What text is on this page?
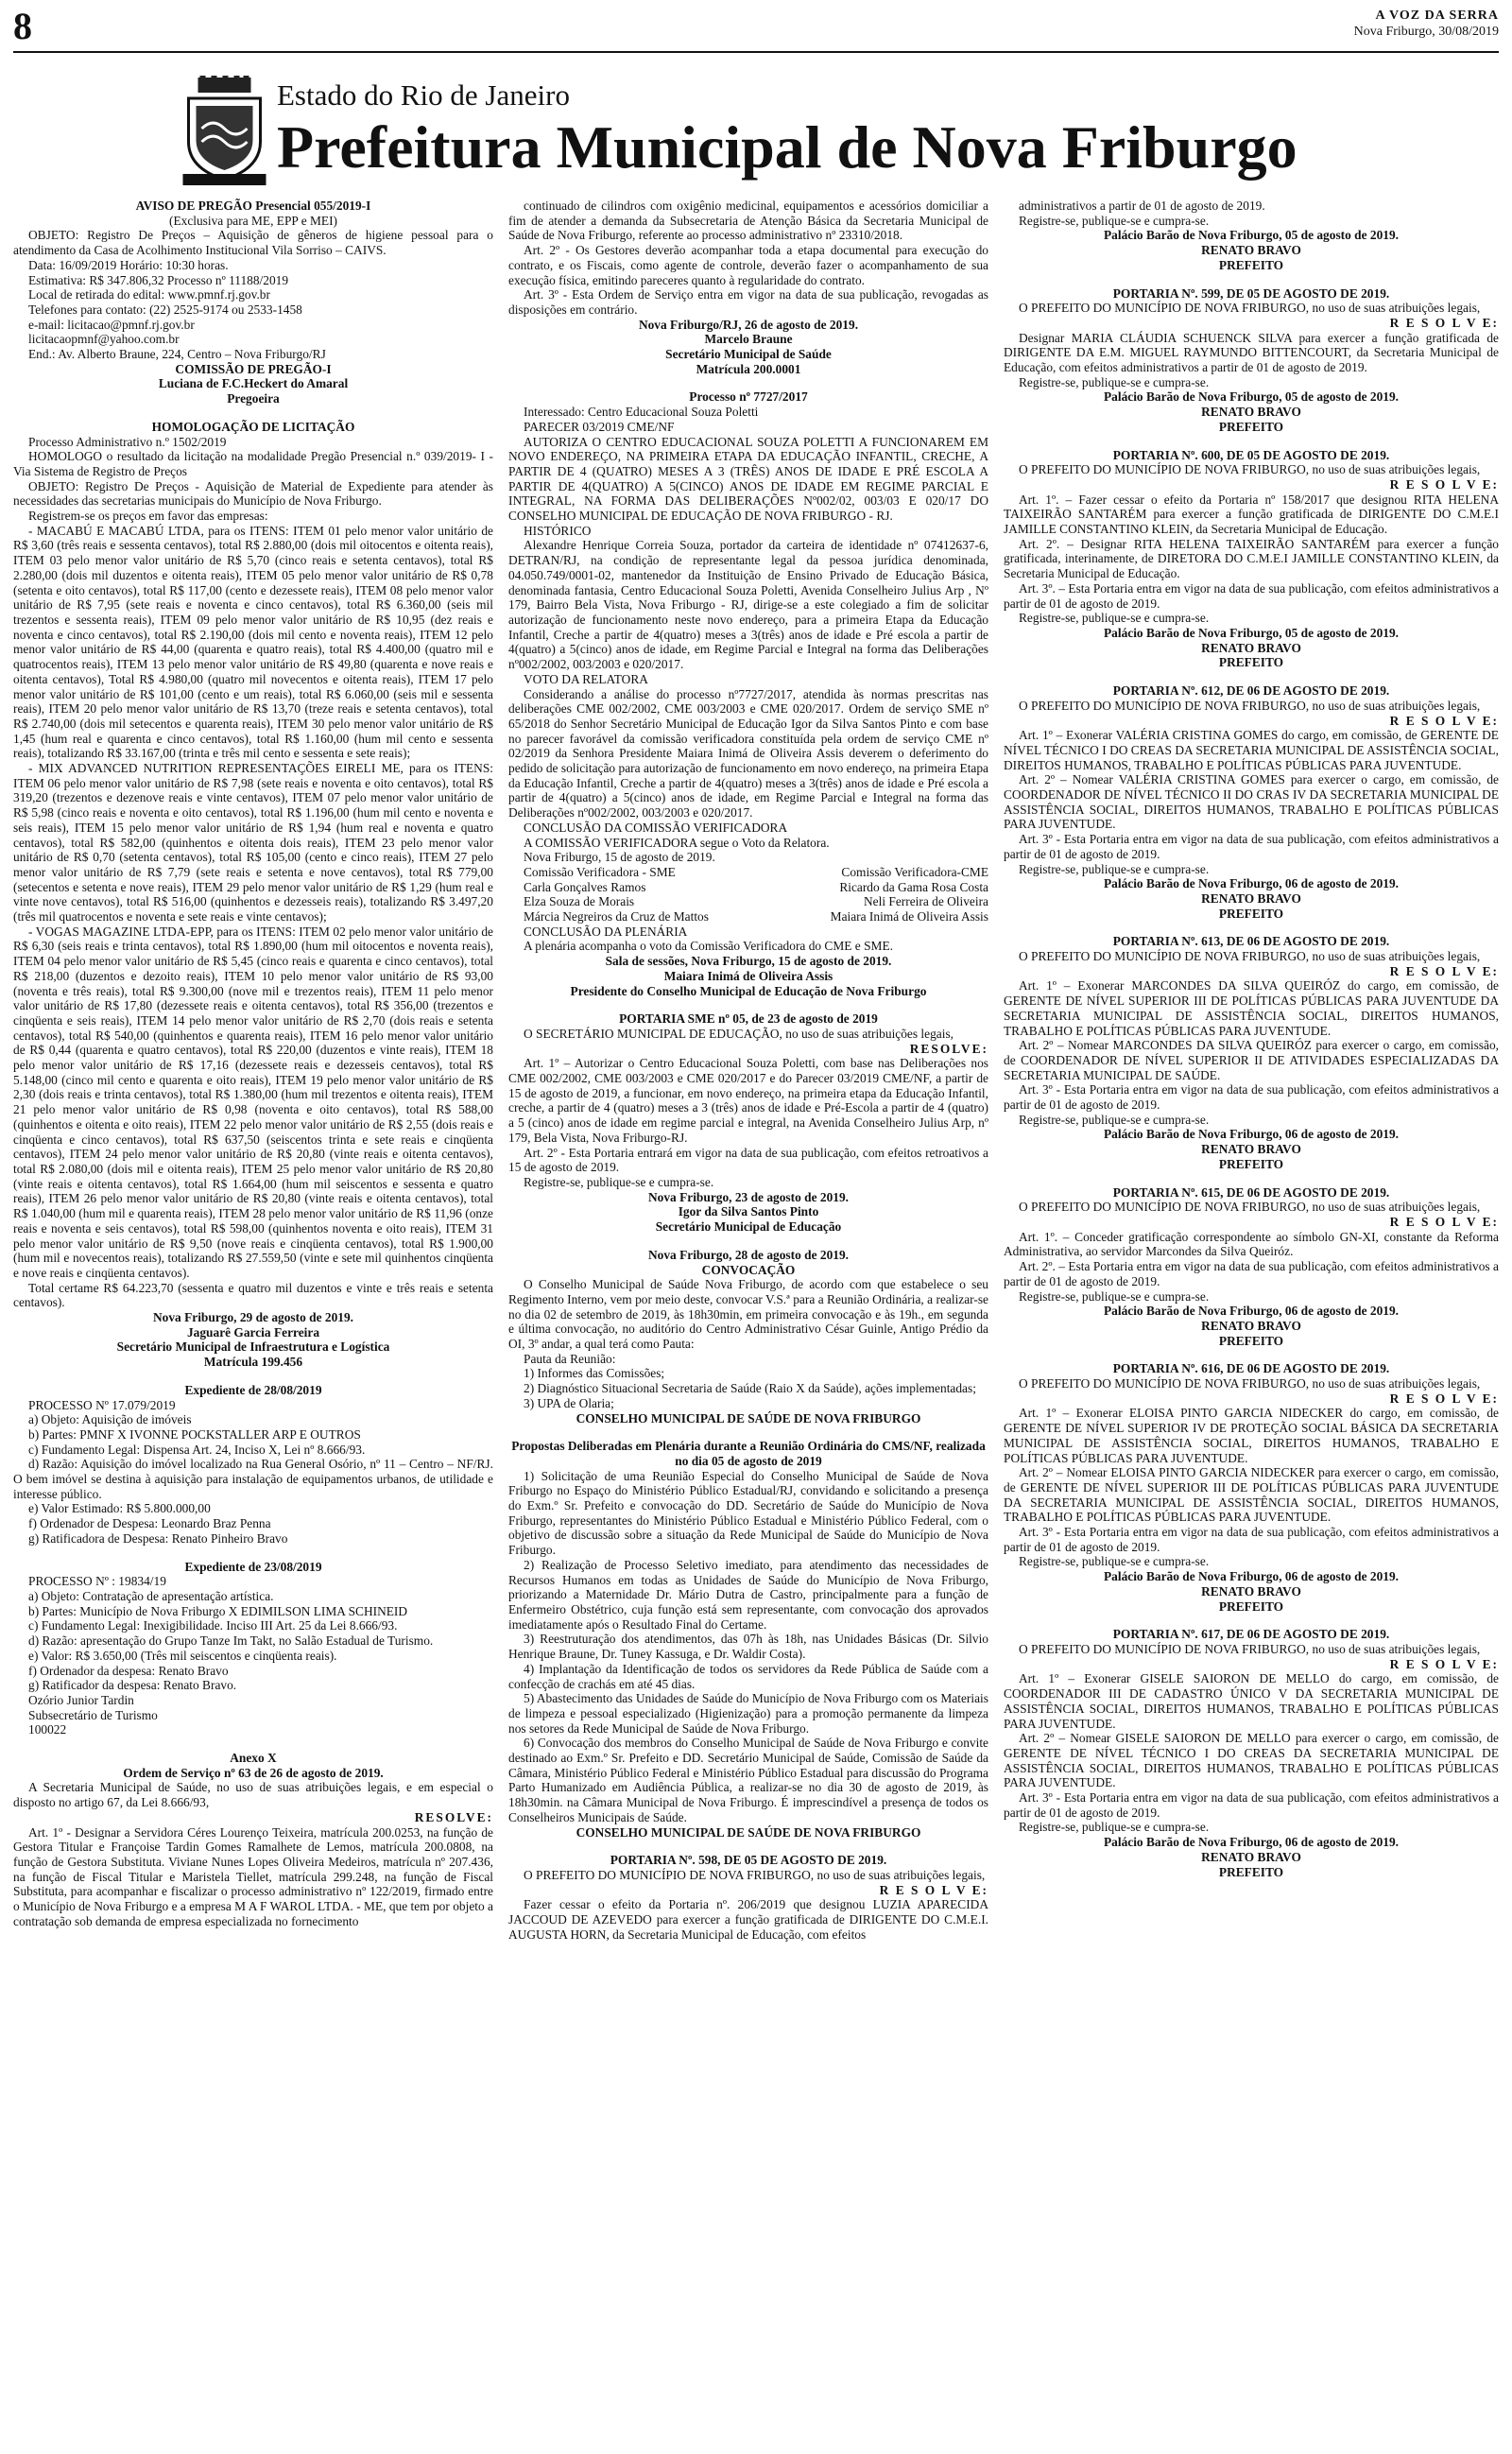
8	A VOZ DA SERRA
Nova Friburgo, 30/08/2019
Estado do Rio de Janeiro
Prefeitura Municipal de Nova Friburgo

AVISO DE PREGÃO Presencial 055/2019-I

(Exclusiva para ME, EPP e MEI)

OBJETO: Registro De Preços – Aquisição de gêneros de higiene pessoal para o atendimento da Casa de Acolhimento Institucional Vila Sorriso – CAIVS.

Data: 16/09/2019 Horário: 10:30 horas.

Estimativa: R$ 347.806,32 Processo nº 11188/2019

Local de retirada do edital: www.pmnf.rj.gov.br

Telefones para contato: (22) 2525-9174 ou 2533-1458

e-mail: licitacao@pmnf.rj.gov.br

licitacaopmnf@yahoo.com.br

End.: Av. Alberto Braune, 224, Centro – Nova Friburgo/RJ

COMISSÃO DE PREGÃO-I

Luciana de F.C.Heckert do Amaral

Pregoeira

HOMOLOGAÇÃO DE LICITAÇÃO

Processo Administrativo n.º 1502/2019

HOMOLOGO o resultado da licitação na modalidade Pregão Presencial n.º 039/2019- I - Via Sistema de Registro de Preços

OBJETO: Registro De Preços - Aquisição de Material de Expediente para atender às necessidades das secretarias municipais do Município de Nova Friburgo.

Registrem-se os preços em favor das empresas:

- MACABÚ E MACABÚ LTDA, para os ITENS: ITEM 01 pelo menor valor unitário de R$ 3,60 (três reais e sessenta centavos), total R$ 2.880,00 (dois mil oitocentos e oitenta reais), ITEM 03 pelo menor valor unitário de R$ 5,70 (cinco reais e setenta centavos), total R$ 2.280,00 (dois mil duzentos e oitenta reais), ITEM 05 pelo menor valor unitário de R$ 0,78 (setenta e oito centavos), total R$ 117,00 (cento e dezessete reais), ITEM 08 pelo menor valor unitário de R$ 7,95 (sete reais e noventa e cinco centavos), total R$ 6.360,00 (seis mil trezentos e sessenta reais), ITEM 09 pelo menor valor unitário de R$ 10,95 (dez reais e noventa e cinco centavos), total R$ 2.190,00 (dois mil cento e noventa reais), ITEM 12 pelo menor valor unitário de R$ 44,00 (quarenta e quatro reais), total R$ 4.400,00 (quatro mil e quatrocentos reais), ITEM 13 pelo menor valor unitário de R$ 49,80 (quarenta e nove reais e oitenta centavos), Total R$ 4.980,00 (quatro mil novecentos e oitenta reais), ITEM 17 pelo menor valor unitário de R$ 101,00 (cento e um reais), total R$ 6.060,00 (seis mil e sessenta reais), ITEM 20 pelo menor valor unitário de R$ 13,70 (treze reais e setenta centavos), total R$ 2.740,00 (dois mil setecentos e quarenta reais), ITEM 30 pelo menor valor unitário de R$ 1,45 (hum real e quarenta e cinco centavos), total R$ 1.160,00 (hum mil cento e sessenta reais), totalizando R$ 33.167,00 (trinta e três mil cento e sessenta e sete reais);

- MIX ADVANCED NUTRITION REPRESENTAÇÕES EIRELI ME, para os ITENS: ITEM 06 pelo menor valor unitário de R$ 7,98 (sete reais e noventa e oito centavos), total R$ 319,20 (trezentos e dezenove reais e vinte centavos), ITEM 07 pelo menor valor unitário de R$ 5,98 (cinco reais e noventa e oito centavos), total R$ 1.196,00 (hum mil cento e noventa e seis reais), ITEM 15 pelo menor valor unitário de R$ 1,94 (hum real e noventa e quatro centavos), total R$ 582,00 (quinhentos e oitenta dois reais), ITEM 23 pelo menor valor unitário de R$ 0,70 (setenta centavos), total R$ 105,00 (cento e cinco reais), ITEM 27 pelo menor valor unitário de R$ 7,79 (sete reais e setenta e nove centavos), total R$ 779,00 (setecentos e setenta e nove reais), ITEM 29 pelo menor valor unitário de R$ 1,29 (hum real e vinte nove centavos), total R$ 516,00 (quinhentos e dezesseis reais), totalizando R$ 3.497,20 (três mil quatrocentos e noventa e sete reais e vinte centavos);

- VOGAS MAGAZINE LTDA-EPP, para os ITENS: ITEM 02 pelo menor valor unitário de R$ 6,30 (seis reais e trinta centavos), total R$ 1.890,00 (hum mil oitocentos e noventa reais), ITEM 04 pelo menor valor unitário de R$ 5,45 (cinco reais e quarenta e cinco centavos), total R$ 218,00 (duzentos e dezoito reais), ITEM 10 pelo menor valor unitário de R$ 93,00 (noventa e três reais), total R$ 9.300,00 (nove mil e trezentos reais), ITEM 11 pelo menor valor unitário de R$ 17,80 (dezessete reais e oitenta centavos), total R$ 356,00 (trezentos e cinqüenta e seis reais), ITEM 14 pelo menor valor unitário de R$ 2,70 (dois reais e setenta centavos), total R$ 540,00 (quinhentos e quarenta reais), ITEM 16 pelo menor valor unitário de R$ 0,44 (quarenta e quatro centavos), total R$ 220,00 (duzentos e vinte reais), ITEM 18 pelo menor valor unitário de R$ 17,16 (dezessete reais e dezesseis centavos), total R$ 5.148,00 (cinco mil cento e quarenta e oito reais), ITEM 19 pelo menor valor unitário de R$ 2,30 (dois reais e trinta centavos), total R$ 1.380,00 (hum mil trezentos e oitenta reais), ITEM 21 pelo menor valor unitário de R$ 0,98 (noventa e oito centavos), total R$ 588,00 (quinhentos e oitenta e oito reais), ITEM 22 pelo menor valor unitário de R$ 2,55 (dois reais e cinqüenta e cinco centavos), total R$ 637,50 (seiscentos trinta e sete reais e cinqüenta centavos), ITEM 24 pelo menor valor unitário de R$ 20,80 (vinte reais e oitenta centavos), total R$ 2.080,00 (dois mil e oitenta reais), ITEM 25 pelo menor valor unitário de R$ 20,80 (vinte reais e oitenta centavos), total R$ 1.664,00 (hum mil seiscentos e sessenta e quatro reais), ITEM 26 pelo menor valor unitário de R$ 20,80 (vinte reais e oitenta centavos), total R$ 1.040,00 (hum mil e quarenta reais), ITEM 28 pelo menor valor unitário de R$ 11,96 (onze reais e noventa e seis centavos), total R$ 598,00 (quinhentos noventa e oito reais), ITEM 31 pelo menor valor unitário de R$ 9,50 (nove reais e cinqüenta centavos), total R$ 1.900,00 (hum mil e novecentos reais), totalizando R$ 27.559,50 (vinte e sete mil quinhentos cinqüenta e nove reais e cinqüenta centavos).

Total certame R$ 64.223,70 (sessenta e quatro mil duzentos e vinte e três reais e setenta centavos).

Nova Friburgo, 29 de agosto de 2019.

Jaguarê Garcia Ferreira

Secretário Municipal de Infraestrutura e Logística

Matrícula 199.456

Expediente de 28/08/2019

PROCESSO Nº 17.079/2019

a) Objeto: Aquisição de imóveis

b) Partes: PMNF X IVONNE POCKSTALLER ARP E OUTROS

c) Fundamento Legal: Dispensa Art. 24, Inciso X, Lei nº 8.666/93.

d) Razão: Aquisição do imóvel localizado na Rua General Osório, nº 11 – Centro – NF/RJ. O bem imóvel se destina à aquisição para instalação de equipamentos urbanos, de utilidade e interesse público.

e) Valor Estimado: R$ 5.800.000,00

f) Ordenador de Despesa: Leonardo Braz Penna

g) Ratificadora de Despesa: Renato Pinheiro Bravo

Expediente de 23/08/2019

PROCESSO Nº : 19834/19

a) Objeto: Contratação de apresentação artística.

b) Partes: Município de Nova Friburgo X EDIMILSON LIMA SCHINEID

c) Fundamento Legal: Inexigibilidade. Inciso III Art. 25 da Lei 8.666/93.

d) Razão: apresentação do Grupo Tanze Im Takt, no Salão Estadual de Turismo.

e) Valor: R$ 3.650,00 (Três mil seiscentos e cinqüenta reais).

f) Ordenador da despesa: Renato Bravo

g) Ratificador da despesa: Renato Bravo.

Ozório Junior Tardin

Subsecretário de Turismo

100022

Anexo X

Ordem de Serviço nº 63 de 26 de agosto de 2019.

A Secretaria Municipal de Saúde, no uso de suas atribuições legais, e em especial o disposto no artigo 67, da Lei 8.666/93,

RESOLVE:

Art. 1º - Designar a Servidora Céres Lourenço Teixeira, matrícula 200.0253, na função de Gestora Titular e Françoise Tardin Gomes Ramalhete de Lemos, matrícula 200.0808, na função de Gestora Substituta. Viviane Nunes Lopes Oliveira Medeiros, matrícula nº 207.436, na função de Fiscal Titular e Maristela Tiellet, matrícula 299.248, na função de Fiscal Substituta, para acompanhar e fiscalizar o processo administrativo nº 122/2019, firmado entre o Município de Nova Friburgo e a empresa M A F WAROL LTDA. - ME, que tem por objeto a contratação sob demanda de empresa especializada no fornecimento

continuado de cilindros com oxigênio medicinal, equipamentos e acessórios domiciliar a fim de atender a demanda da Subsecretaria de Atenção Básica da Secretaria Municipal de Saúde de Nova Friburgo, referente ao processo administrativo nº 23310/2018.

Art. 2º - Os Gestores deverão acompanhar toda a etapa documental para execução do contrato, e os Fiscais, como agente de controle, deverão fazer o acompanhamento de sua execução física, emitindo pareceres quanto à regularidade do contrato.

Art. 3º - Esta Ordem de Serviço entra em vigor na data de sua publicação, revogadas as disposições em contrário.

Nova Friburgo/RJ, 26 de agosto de 2019.

Marcelo Braune

Secretário Municipal de Saúde

Matrícula 200.0001

Processo nº 7727/2017

Interessado: Centro Educacional Souza Poletti

PARECER 03/2019 CME/NF

AUTORIZA O CENTRO EDUCACIONAL SOUZA POLETTI A FUNCIONAREM EM NOVO ENDEREÇO, NA PRIMEIRA ETAPA DA EDUCAÇÃO INFANTIL, CRECHE, A PARTIR DE 4 (QUATRO) MESES A 3 (TRÊS) ANOS DE IDADE E PRÉ ESCOLA A PARTIR DE 4(QUATRO) A 5(CINCO) ANOS DE IDADE EM REGIME PARCIAL E INTEGRAL, NA FORMA DAS DELIBERAÇÕES Nº002/02, 003/03 E 020/17 DO CONSELHO MUNICIPAL DE EDUCAÇÃO DE NOVA FRIBURGO - RJ.

HISTÓRICO

Alexandre Henrique Correia Souza, portador da carteira de identidade nº 07412637-6, DETRAN/RJ, na condição de representante legal da pessoa jurídica denominada, 04.050.749/0001-02, mantenedor da Instituição de Ensino Privado de Educação Básica, denominada fantasia, Centro Educacional Souza Poletti, Avenida Conselheiro Julius Arp , Nº 179, Bairro Bela Vista, Nova Friburgo - RJ, dirige-se a este colegiado a fim de solicitar autorização de funcionamento neste novo endereço, para a primeira Etapa da Educação Infantil, Creche a partir de 4(quatro) meses a 3(três) anos de idade e Pré escola a partir de 4(quatro) a 5(cinco) anos de idade, em Regime Parcial e Integral na forma das Deliberações nº002/2002, 003/2003 e 020/2017.

VOTO DA RELATORA

Considerando a análise do processo nº7727/2017, atendida às normas prescritas nas deliberações CME 002/2002, CME 003/2003 e CME 020/2017. Ordem de serviço SME nº 65/2018 do Senhor Secretário Municipal de Educação Igor da Silva Santos Pinto e com base no parecer favorável da comissão verificadora constituída pela ordem de serviço CME nº 02/2019 da Senhora Presidente Maiara Inimá de Oliveira Assis deverem o deferimento do pedido de solicitação para autorização de funcionamento em novo endereço, na primeira Etapa da Educação Infantil, Creche a partir de 4(quatro) meses a 3(três) anos de idade e Pré escola a partir de 4(quatro) a 5(cinco) anos de idade, em Regime Parcial e Integral na forma das Deliberações nº002/2002, 003/2003 e 020/2017.

CONCLUSÃO DA COMISSÃO VERIFICADORA

A COMISSÃO VERIFICADORA segue o Voto da Relatora.

Nova Friburgo, 15 de agosto de 2019.

Comissão Verificadora - SME	Comissão Verificadora-CME

Carla Gonçalves Ramos	Ricardo da Gama Rosa Costa

Elza Souza de Morais	Neli Ferreira de Oliveira

Márcia Negreiros da Cruz de Mattos	Maiara Inimá de Oliveira Assis

CONCLUSÃO DA PLENÁRIA

A plenária acompanha o voto da Comissão Verificadora do CME e SME.

Sala de sessões, Nova Friburgo, 15 de agosto de 2019.

Maiara Inimá de Oliveira Assis

Presidente do Conselho Municipal de Educação de Nova Friburgo

PORTARIA SME nº 05, de 23 de agosto de 2019

O SECRETÁRIO MUNICIPAL DE EDUCAÇÃO, no uso de suas atribuições legais,

RESOLVE:

Art. 1º – Autorizar o Centro Educacional Souza Poletti, com base nas Deliberações nos CME 002/2002, CME 003/2003 e CME 020/2017 e do Parecer 03/2019 CME/NF, a partir de 15 de agosto de 2019, a funcionar, em novo endereço, na primeira etapa da Educação Infantil, creche, a partir de 4 (quatro) meses a 3 (três) anos de idade e Pré-Escola a partir de 4 (quatro) a 5 (cinco) anos de idade em regime parcial e integral, na Avenida Conselheiro Julius Arp, nº 179, Bela Vista, Nova Friburgo-RJ.

Art. 2º - Esta Portaria entrará em vigor na data de sua publicação, com efeitos retroativos a 15 de agosto de 2019.

Registre-se, publique-se e cumpra-se.

Nova Friburgo, 23 de agosto de 2019.

Igor da Silva Santos Pinto

Secretário Municipal de Educação

Nova Friburgo, 28 de agosto de 2019.

CONVOCAÇÃO

O Conselho Municipal de Saúde Nova Friburgo, de acordo com que estabelece o seu Regimento Interno, vem por meio deste, convocar V.S.ª para a Reunião Ordinária, a realizar-se no dia 02 de setembro de 2019, às 18h30min, em primeira convocação e às 19h., em segunda e última convocação, no auditório do Centro Administrativo César Guinle, Antigo Prédio da OI, 3º andar, a qual terá como Pauta:

Pauta da Reunião:

1) Informes das Comissões;

2) Diagnóstico Situacional Secretaria de Saúde (Raio X da Saúde), ações implementadas;

3) UPA de Olaria;

CONSELHO MUNICIPAL DE SAÚDE DE NOVA FRIBURGO

Propostas Deliberadas em Plenária durante a Reunião Ordinária do CMS/NF, realizada no dia 05 de agosto de 2019

1) Solicitação de uma Reunião Especial do Conselho Municipal de Saúde de Nova Friburgo no Espaço do Ministério Público Estadual/RJ, convidando e solicitando a presença do Exm.º Sr. Prefeito e convocação do DD. Secretário de Saúde do Município de Nova Friburgo, representantes do Ministério Público Estadual e Ministério Público Federal, com o objetivo de discussão sobre a situação da Rede Municipal de Saúde do Município de Nova Friburgo.

2) Realização de Processo Seletivo imediato, para atendimento das necessidades de Recursos Humanos em todas as Unidades de Saúde do Município de Nova Friburgo, priorizando a Maternidade Dr. Mário Dutra de Castro, principalmente para a função de Enfermeiro Obstétrico, cuja função está sem representante, com convocação dos aprovados imediatamente após o Resultado Final do Certame.

3) Reestruturação dos atendimentos, das 07h às 18h, nas Unidades Básicas (Dr. Silvio Henrique Braune, Dr. Tuney Kassuga, e Dr. Waldir Costa).

4) Implantação da Identificação de todos os servidores da Rede Pública de Saúde com a confecção de crachás em até 45 dias.

5) Abastecimento das Unidades de Saúde do Município de Nova Friburgo com os Materiais de limpeza e pessoal especializado (Higienização) para a promoção permanente da limpeza nos setores da Rede Municipal de Saúde de Nova Friburgo.

6) Convocação dos membros do Conselho Municipal de Saúde de Nova Friburgo e convite destinado ao Exm.º Sr. Prefeito e DD. Secretário Municipal de Saúde, Comissão de Saúde da Câmara, Ministério Público Federal e Ministério Público Estadual para discussão do Programa Parto Humanizado em Audiência Pública, a realizar-se no dia 30 de agosto de 2019, às 18h30min. na Câmara Municipal de Nova Friburgo. É imprescindível a presença de todos os Conselheiros Municipais de Saúde.

CONSELHO MUNICIPAL DE SAÚDE DE NOVA FRIBURGO

PORTARIA Nº. 598, DE 05 DE AGOSTO DE 2019.

O PREFEITO DO MUNICÍPIO DE NOVA FRIBURGO, no uso de suas atribuições legais,

R E S O L V E:

Fazer cessar o efeito da Portaria nº. 206/2019 que designou LUZIA APARECIDA JACCOUD DE AZEVEDO para exercer a função gratificada de DIRIGENTE DO C.M.E.I. AUGUSTA HORN, da Secretaria Municipal de Educação, com efeitos

administrativos a partir de 01 de agosto de 2019.

Registre-se, publique-se e cumpra-se.

Palácio Barão de Nova Friburgo, 05 de agosto de 2019.

RENATO BRAVO

PREFEITO

PORTARIA Nº. 599, DE 05 DE AGOSTO DE 2019.

O PREFEITO DO MUNICÍPIO DE NOVA FRIBURGO, no uso de suas atribuições legais,

R E S O L V E:

Designar MARIA CLÁUDIA SCHUENCK SILVA para exercer a função gratificada de DIRIGENTE DA E.M. MIGUEL RAYMUNDO BITTENCOURT, da Secretaria Municipal de Educação, com efeitos administrativos a partir de 01 de agosto de 2019.

Registre-se, publique-se e cumpra-se.

Palácio Barão de Nova Friburgo, 05 de agosto de 2019.

RENATO BRAVO

PREFEITO

PORTARIA Nº. 600, DE 05 DE AGOSTO DE 2019.

O PREFEITO DO MUNICÍPIO DE NOVA FRIBURGO, no uso de suas atribuições legais,

R E S O L V E:

Art. 1º. – Fazer cessar o efeito da Portaria nº 158/2017 que designou RITA HELENA TAIXEIRÃO SANTARÉM para exercer a função gratificada de DIRIGENTE DO C.M.E.I JAMILLE CONSTANTINO KLEIN, da Secretaria Municipal de Educação.

Art. 2º. – Designar RITA HELENA TAIXEIRÃO SANTARÉM para exercer a função gratificada, interinamente, de DIRETORA DO C.M.E.I JAMILLE CONSTANTINO KLEIN, da Secretaria Municipal de Educação.

Art. 3º. – Esta Portaria entra em vigor na data de sua publicação, com efeitos administrativos a partir de 01 de agosto de 2019.

Registre-se, publique-se e cumpra-se.

Palácio Barão de Nova Friburgo, 05 de agosto de 2019.

RENATO BRAVO

PREFEITO

PORTARIA Nº. 612, DE 06 DE AGOSTO DE 2019.

O PREFEITO DO MUNICÍPIO DE NOVA FRIBURGO, no uso de suas atribuições legais,

R E S O L V E:

Art. 1º – Exonerar VALÉRIA CRISTINA GOMES do cargo, em comissão, de GERENTE DE NÍVEL TÉCNICO I DO CREAS DA SECRETARIA MUNICIPAL DE ASSISTÊNCIA SOCIAL, DIREITOS HUMANOS, TRABALHO E POLÍTICAS PÚBLICAS PARA JUVENTUDE.

Art. 2º – Nomear VALÉRIA CRISTINA GOMES para exercer o cargo, em comissão, de COORDENADOR DE NÍVEL TÉCNICO II DO CRAS IV DA SECRETARIA MUNICIPAL DE ASSISTÊNCIA SOCIAL, DIREITOS HUMANOS, TRABALHO E POLÍTICAS PÚBLICAS PARA JUVENTUDE.

Art. 3º - Esta Portaria entra em vigor na data de sua publicação, com efeitos administrativos a partir de 01 de agosto de 2019.

Registre-se, publique-se e cumpra-se.

Palácio Barão de Nova Friburgo, 06 de agosto de 2019.

RENATO BRAVO

PREFEITO

PORTARIA Nº. 613, DE 06 DE AGOSTO DE 2019.

O PREFEITO DO MUNICÍPIO DE NOVA FRIBURGO, no uso de suas atribuições legais,

R E S O L V E:

Art. 1º – Exonerar MARCONDES DA SILVA QUEIRÓZ do cargo, em comissão, de GERENTE DE NÍVEL SUPERIOR III DE POLÍTICAS PÚBLICAS PARA JUVENTUDE DA SECRETARIA MUNICIPAL DE ASSISTÊNCIA SOCIAL, DIREITOS HUMANOS, TRABALHO E POLÍTICAS PÚBLICAS PARA JUVENTUDE.

Art. 2º – Nomear MARCONDES DA SILVA QUEIRÓZ para exercer o cargo, em comissão, de COORDENADOR DE NÍVEL SUPERIOR II DE ATIVIDADES ESPECIALIZADAS DA SECRETARIA MUNICIPAL DE SAÚDE.

Art. 3º - Esta Portaria entra em vigor na data de sua publicação, com efeitos administrativos a partir de 01 de agosto de 2019.

Registre-se, publique-se e cumpra-se.

Palácio Barão de Nova Friburgo, 06 de agosto de 2019.

RENATO BRAVO

PREFEITO

PORTARIA Nº. 615, DE 06 DE AGOSTO DE 2019.

O PREFEITO DO MUNICÍPIO DE NOVA FRIBURGO, no uso de suas atribuições legais,

R E S O L V E:

Art. 1º. – Conceder gratificação correspondente ao símbolo GN-XI, constante da Reforma Administrativa, ao servidor Marcondes da Silva Queiróz.

Art. 2º. – Esta Portaria entra em vigor na data de sua publicação, com efeitos administrativos a partir de 01 de agosto de 2019.

Registre-se, publique-se e cumpra-se.

Palácio Barão de Nova Friburgo, 06 de agosto de 2019.

RENATO BRAVO

PREFEITO

PORTARIA Nº. 616, DE 06 DE AGOSTO DE 2019.

O PREFEITO DO MUNICÍPIO DE NOVA FRIBURGO, no uso de suas atribuições legais,

R E S O L V E:

Art. 1º – Exonerar ELOISA PINTO GARCIA NIDECKER do cargo, em comissão, de GERENTE DE NÍVEL SUPERIOR IV DE PROTEÇÃO SOCIAL BÁSICA DA SECRETARIA MUNICIPAL DE ASSISTÊNCIA SOCIAL, DIREITOS HUMANOS, TRABALHO E POLÍTICAS PÚBLICAS PARA JUVENTUDE.

Art. 2º – Nomear ELOISA PINTO GARCIA NIDECKER para exercer o cargo, em comissão, de GERENTE DE NÍVEL SUPERIOR III DE POLÍTICAS PÚBLICAS PARA JUVENTUDE DA SECRETARIA MUNICIPAL DE ASSISTÊNCIA SOCIAL, DIREITOS HUMANOS, TRABALHO E POLÍTICAS PÚBLICAS PARA JUVENTUDE.

Art. 3º - Esta Portaria entra em vigor na data de sua publicação, com efeitos administrativos a partir de 01 de agosto de 2019.

Registre-se, publique-se e cumpra-se.

Palácio Barão de Nova Friburgo, 06 de agosto de 2019.

RENATO BRAVO

PREFEITO

PORTARIA Nº. 617, DE 06 DE AGOSTO DE 2019.

O PREFEITO DO MUNICÍPIO DE NOVA FRIBURGO, no uso de suas atribuições legais,

R E S O L V E:

Art. 1º – Exonerar GISELE SAIORON DE MELLO do cargo, em comissão, de COORDENADOR III DE CADASTRO ÚNICO V DA SECRETARIA MUNICIPAL DE ASSISTÊNCIA SOCIAL, DIREITOS HUMANOS, TRABALHO E POLÍTICAS PÚBLICAS PARA JUVENTUDE.

Art. 2º – Nomear GISELE SAIORON DE MELLO para exercer o cargo, em comissão, de GERENTE DE NÍVEL TÉCNICO I DO CREAS DA SECRETARIA MUNICIPAL DE ASSISTÊNCIA SOCIAL, DIREITOS HUMANOS, TRABALHO E POLÍTICAS PÚBLICAS PARA JUVENTUDE.

Art. 3º - Esta Portaria entra em vigor na data de sua publicação, com efeitos administrativos a partir de 01 de agosto de 2019.

Registre-se, publique-se e cumpra-se.

Palácio Barão de Nova Friburgo, 06 de agosto de 2019.

RENATO BRAVO

PREFEITO
